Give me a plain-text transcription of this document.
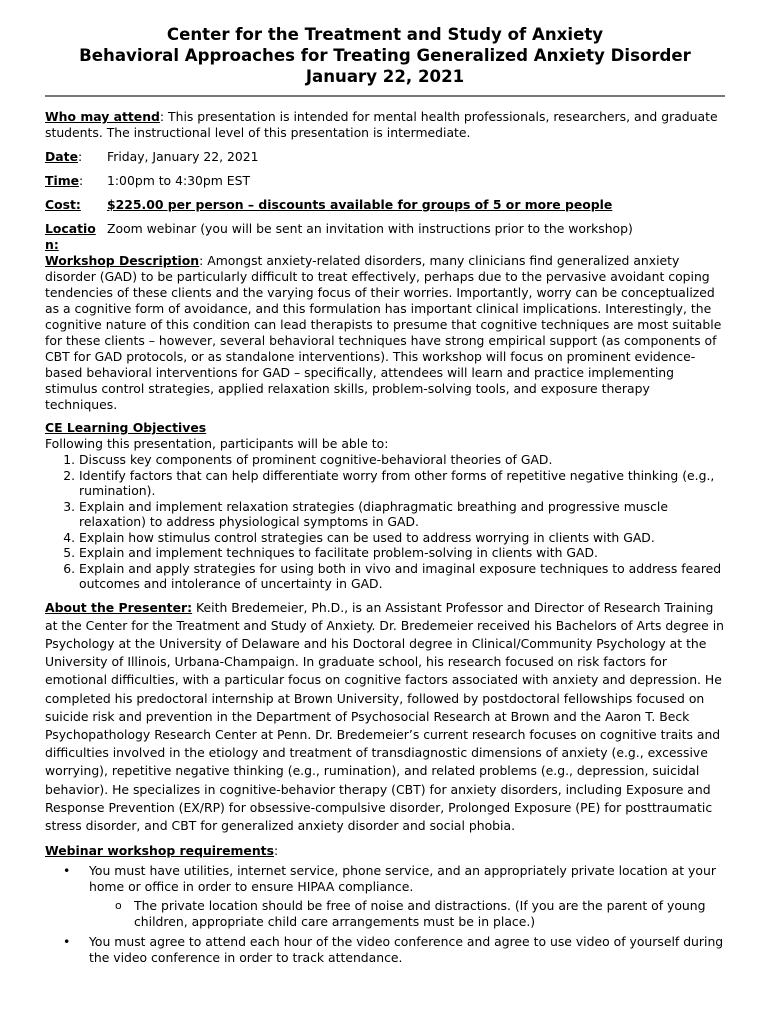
Center for the Treatment and Study of Anxiety
Behavioral Approaches for Treating Generalized Anxiety Disorder
January 22, 2021

Who may attend: This presentation is intended for mental health professionals, researchers, and graduate students. The instructional level of this presentation is intermediate.

Date:	Friday, January 22, 2021
Time:	1:00pm to 4:30pm EST
Cost:	$225.00 per person – discounts available for groups of 5 or more people
Location:
Zoom webinar (you will be sent an invitation with instructions prior to the workshop)

Workshop Description: Amongst anxiety-related disorders, many clinicians find generalized anxiety disorder (GAD) to be particularly difficult to treat effectively, perhaps due to the pervasive avoidant coping tendencies of these clients and the varying focus of their worries. Importantly, worry can be conceptualized as a cognitive form of avoidance, and this formulation has important clinical implications. Interestingly, the cognitive nature of this condition can lead therapists to presume that cognitive techniques are most suitable for these clients – however, several behavioral techniques have strong empirical support (as components of CBT for GAD protocols, or as standalone interventions). This workshop will focus on prominent evidence-based behavioral interventions for GAD – specifically, attendees will learn and practice implementing stimulus control strategies, applied relaxation skills, problem-solving tools, and exposure therapy techniques.

CE Learning Objectives
Following this presentation, participants will be able to:
1. Discuss key components of prominent cognitive-behavioral theories of GAD.
2. Identify factors that can help differentiate worry from other forms of repetitive negative thinking (e.g., rumination).
3. Explain and implement relaxation strategies (diaphragmatic breathing and progressive muscle relaxation) to address physiological symptoms in GAD.
4. Explain how stimulus control strategies can be used to address worrying in clients with GAD.
5. Explain and implement techniques to facilitate problem-solving in clients with GAD.
6. Explain and apply strategies for using both in vivo and imaginal exposure techniques to address feared outcomes and intolerance of uncertainty in GAD.

About the Presenter: Keith Bredemeier, Ph.D., is an Assistant Professor and Director of Research Training at the Center for the Treatment and Study of Anxiety. Dr. Bredemeier received his Bachelors of Arts degree in Psychology at the University of Delaware and his Doctoral degree in Clinical/Community Psychology at the University of Illinois, Urbana-Champaign. In graduate school, his research focused on risk factors for emotional difficulties, with a particular focus on cognitive factors associated with anxiety and depression. He completed his predoctoral internship at Brown University, followed by postdoctoral fellowships focused on suicide risk and prevention in the Department of Psychosocial Research at Brown and the Aaron T. Beck Psychopathology Research Center at Penn. Dr. Bredemeier’s current research focuses on cognitive traits and difficulties involved in the etiology and treatment of transdiagnostic dimensions of anxiety (e.g., excessive worrying), repetitive negative thinking (e.g., rumination), and related problems (e.g., depression, suicidal behavior). He specializes in cognitive-behavior therapy (CBT) for anxiety disorders, including Exposure and Response Prevention (EX/RP) for obsessive-compulsive disorder, Prolonged Exposure (PE) for posttraumatic stress disorder, and CBT for generalized anxiety disorder and social phobia.

Webinar workshop requirements:
• You must have utilities, internet service, phone service, and an appropriately private location at your home or office in order to ensure HIPAA compliance.
o The private location should be free of noise and distractions. (If you are the parent of young children, appropriate child care arrangements must be in place.)
• You must agree to attend each hour of the video conference and agree to use video of yourself during the video conference in order to track attendance.
